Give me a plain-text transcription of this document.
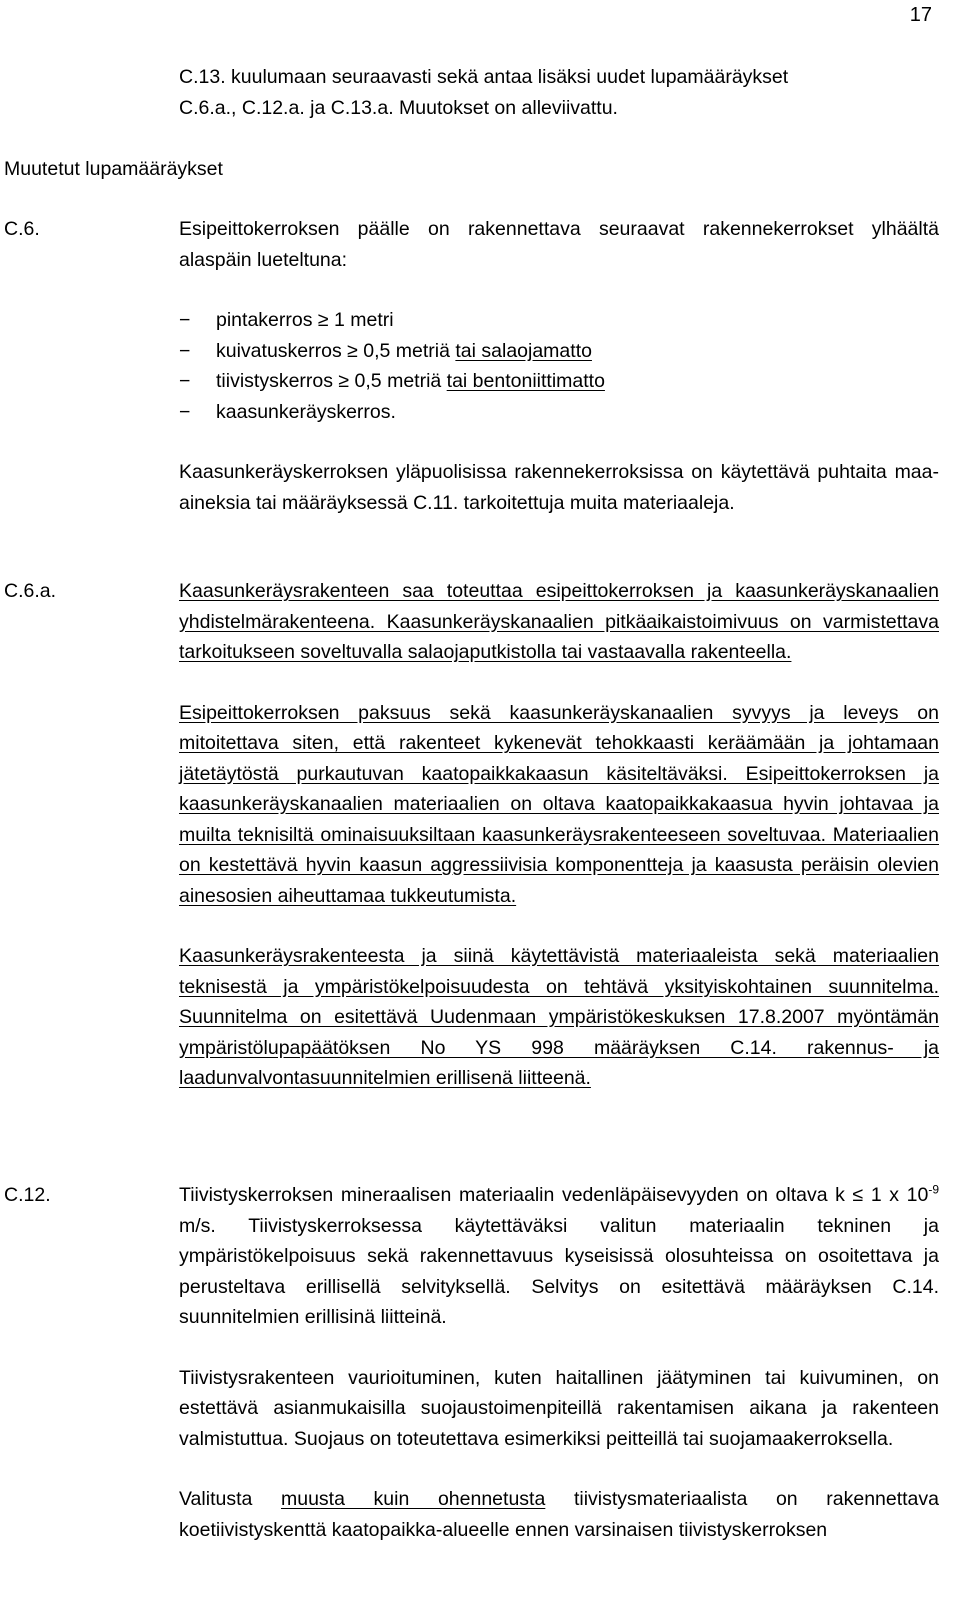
17
C.13. kuulumaan seuraavasti sekä antaa lisäksi uudet lupamääräykset
C.6.a., C.12.a. ja C.13.a. Muutokset on alleviivattu.
Muutetut lupamääräykset
C.6.	Esipeittokerroksen päälle on rakennettava seuraavat rakennekerrokset ylhäältä alaspäin lueteltuna:

− pintakerros ≥ 1 metri
− kuivatuskerros ≥ 0,5 metriä tai salaojamatto
− tiivistyskerros ≥ 0,5 metriä tai bentoniittimatto
− kaasunkeräyskerros.

Kaasunkeräyskerroksen yläpuolisissa rakennekerroksissa on käytettävä puhtaita maa-aineksia tai määräyksessä C.11. tarkoitettuja muita materiaaleja.

C.6.a.	Kaasunkeräysrakenteen saa toteuttaa esipeittokerroksen ja kaasunkeräyskanaalien yhdistelmärakenteena. Kaasunkeräyskanaalien pitkäaikaistoimivuus on varmistettava tarkoitukseen soveltuvalla salaojaputkistolla tai vastaavalla rakenteella.

Esipeittokerroksen paksuus sekä kaasunkeräyskanaalien syvyys ja leveys on mitoitettava siten, että rakenteet kykenevät tehokkaasti keräämään ja johtamaan jätetäytöstä purkautuvan kaatopaikkakaasun käsiteltäväksi. Esipeittokerroksen ja kaasunkeräyskanaalien materiaalien on oltava kaatopaikkakaasua hyvin johtavaa ja muilta teknisiltä ominaisuuksiltaan kaasunkeräysrakenteeseen soveltuvaa. Materiaalien on kestettävä hyvin kaasun aggressiivisia komponentteja ja kaasusta peräisin olevien ainesosien aiheuttamaa tukkeutumista.

Kaasunkeräysrakenteesta ja siinä käytettävistä materiaaleista sekä materiaalien teknisestä ja ympäristökelpoisuudesta on tehtävä yksityiskohtainen suunnitelma. Suunnitelma on esitettävä Uudenmaan ympäristökeskuksen 17.8.2007 myöntämän ympäristölupapäätöksen No YS 998 määräyksen C.14. rakennus- ja laadunvalvontasuunnitelmien erillisenä liitteenä.

C.12.	Tiivistyskerroksen mineraalisen materiaalin vedenläpäisevyyden on oltava k ≤ 1 x $10^{-9}$ m/s. Tiivistyskerroksessa käytettäväksi valitun materiaalin tekninen ja ympäristökelpoisuus sekä rakennettavuus kyseisissä olosuhteissa on osoitettava ja perusteltava erillisellä selvityksellä. Selvitys on esitettävä määräyksen C.14. suunnitelmien erillisinä liitteinä.

Tiivistysrakenteen vaurioituminen, kuten haitallinen jäätyminen tai kuivuminen, on estettävä asianmukaisilla suojaustoimenpiteillä rakentamisen aikana ja rakenteen valmistuttua. Suojaus on toteutettava esimerkiksi peitteillä tai suojamaakerroksella.

Valitusta muusta kuin ohennetusta tiivistysmateriaalista on rakennettava koetiivistyskenttä kaatopaikka-alueelle ennen varsinaisen tiivistyskerroksen
